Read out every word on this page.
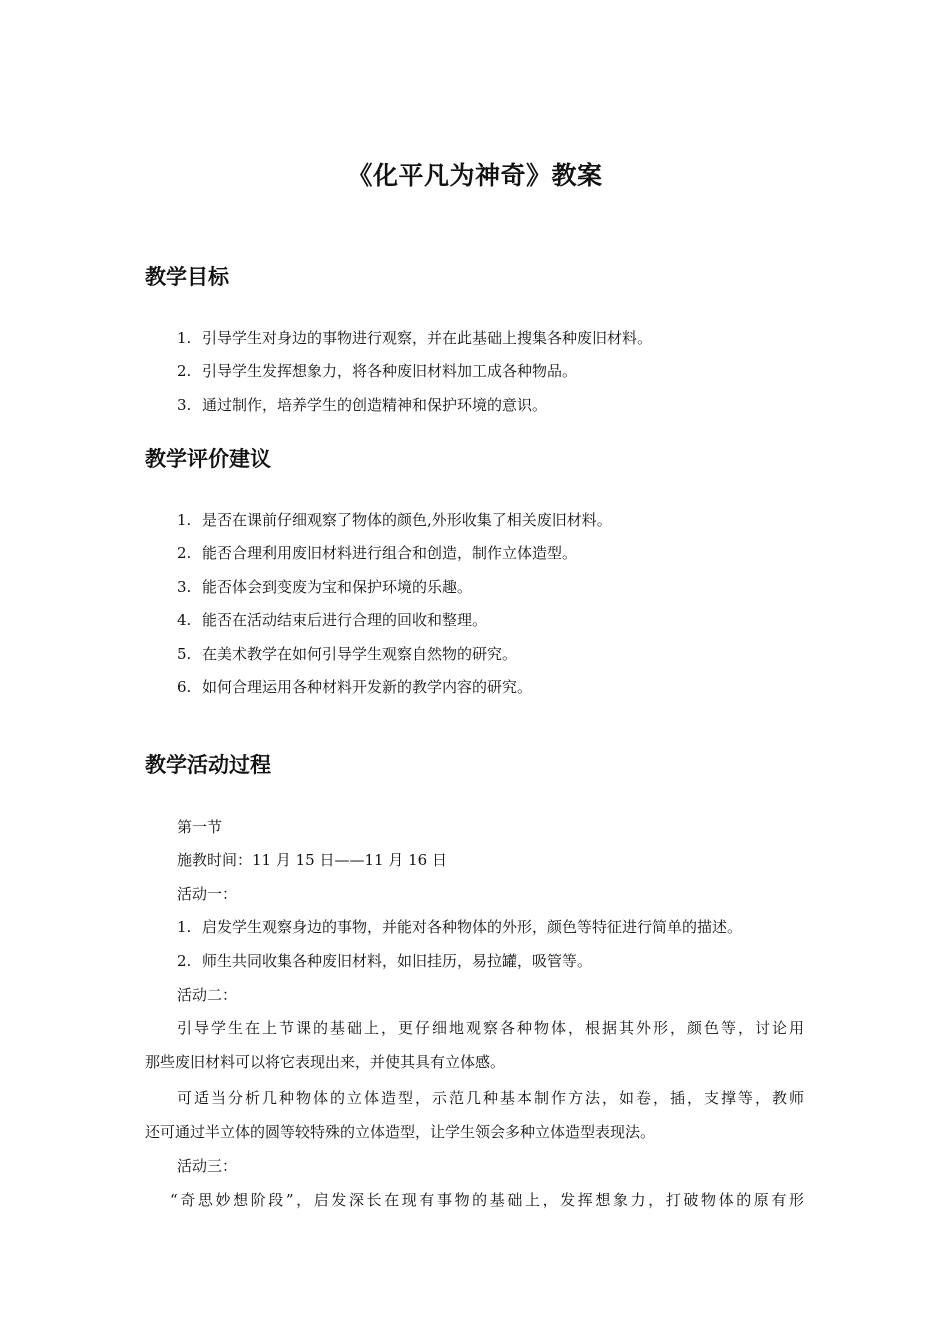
《化平凡为神奇》教案
教学目标
1. 引导学生对身边的事物进行观察，并在此基础上搜集各种废旧材料。
2. 引导学生发挥想象力，将各种废旧材料加工成各种物品。
3. 通过制作，培养学生的创造精神和保护环境的意识。
教学评价建议
1. 是否在课前仔细观察了物体的颜色,外形收集了相关废旧材料。
2. 能否合理利用废旧材料进行组合和创造，制作立体造型。
3. 能否体会到变废为宝和保护环境的乐趣。
4. 能否在活动结束后进行合理的回收和整理。
5. 在美术教学在如何引导学生观察自然物的研究。
6. 如何合理运用各种材料开发新的教学内容的研究。
教学活动过程
第一节
施教时间：11 月 15 日——11 月 16 日
活动一：
1. 启发学生观察身边的事物，并能对各种物体的外形，颜色等特征进行简单的描述。
2. 师生共同收集各种废旧材料，如旧挂历，易拉罐，吸管等。
活动二：
引导学生在上节课的基础上，更仔细地观察各种物体，根据其外形，颜色等，讨论用
那些废旧材料可以将它表现出来，并使其具有立体感。
可适当分析几种物体的立体造型，示范几种基本制作方法，如卷，插，支撑等，教师
还可通过半立体的圆等较特殊的立体造型，让学生领会多种立体造型表现法。
活动三：
“奇思妙想阶段”，启发深长在现有事物的基础上，发挥想象力，打破物体的原有形
